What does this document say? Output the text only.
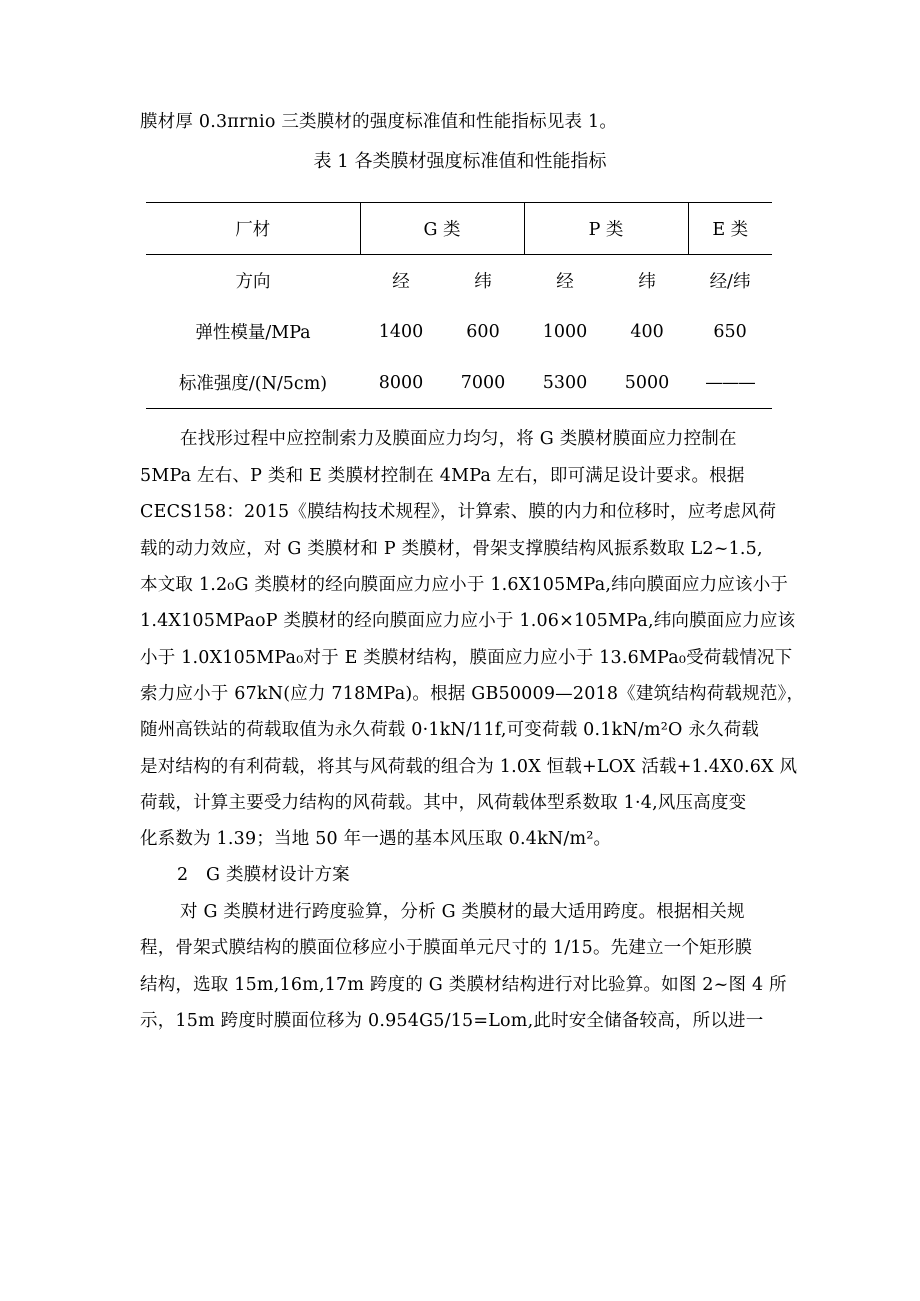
膜材厚 0.3πrnio 三类膜材的强度标准值和性能指标见表 1。
表 1 各类膜材强度标准值和性能指标
厂材	G 类		P 类		E 类
方向	经	纬	经	纬	经/纬
弹性模量/MPa	1400	600	1000	400	650
标准强度/(N/5cm)	8000	7000	5300	5000	———
在找形过程中应控制索力及膜面应力均匀，将 G 类膜材膜面应力控制在
5MPa 左右、P 类和 E 类膜材控制在 4MPa 左右，即可满足设计要求。根据
CECS158：2015《膜结构技术规程》，计算索、膜的内力和位移时，应考虑风荷
载的动力效应，对 G 类膜材和 P 类膜材，骨架支撑膜结构风振系数取 L2~1.5,
本文取 1.2₀G 类膜材的经向膜面应力应小于 1.6X105MPa,纬向膜面应力应该小于
1.4X105MPaoP 类膜材的经向膜面应力应小于 1.06×105MPa,纬向膜面应力应该
小于 1.0X105MPa₀对于 E 类膜材结构，膜面应力应小于 13.6MPa₀受荷载情况下
索力应小于 67kN(应力 718MPa)。根据 GB50009—2018《建筑结构荷载规范》，
随州高铁站的荷载取值为永久荷载 0·1kN/11f,可变荷载 0.1kN/m²O 永久荷载
是对结构的有利荷载，将其与风荷载的组合为 1.0X 恒载+LOX 活载+1.4X0.6X 风
荷载，计算主要受力结构的风荷载。其中，风荷载体型系数取 1·4,风压高度变
化系数为 1.39；当地 50 年一遇的基本风压取 0.4kN/m²。
2　G 类膜材设计方案
对 G 类膜材进行跨度验算，分析 G 类膜材的最大适用跨度。根据相关规
程，骨架式膜结构的膜面位移应小于膜面单元尺寸的 1/15。先建立一个矩形膜
结构，选取 15m,16m,17m 跨度的 G 类膜材结构进行对比验算。如图 2~图 4 所
示，15m 跨度时膜面位移为 0.954G5/15=Lom,此时安全储备较高，所以进一
